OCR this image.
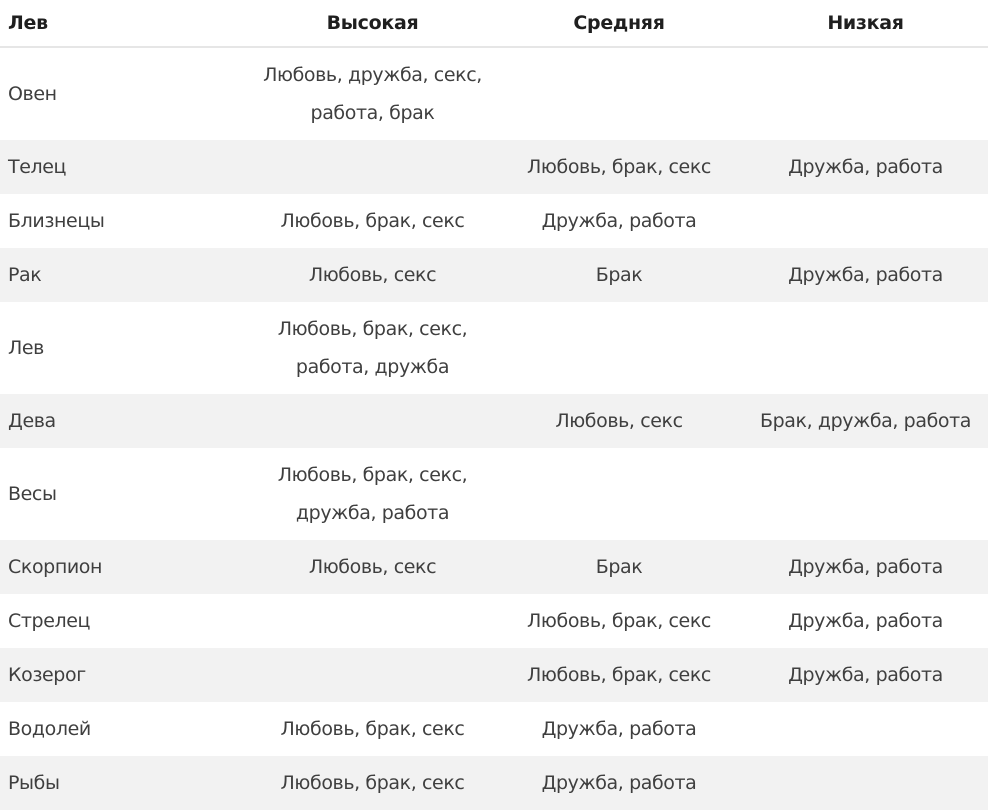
Лев	Высокая	Средняя	Низкая
Овен	Любовь, дружба, секс,
работа, брак		
Телец		Любовь, брак, секс	Дружба, работа
Близнецы	Любовь, брак, секс	Дружба, работа	
Рак	Любовь, секс	Брак	Дружба, работа
Лев	Любовь, брак, секс,
работа, дружба		
Дева		Любовь, секс	Брак, дружба, работа
Весы	Любовь, брак, секс,
дружба, работа		
Скорпион	Любовь, секс	Брак	Дружба, работа
Стрелец		Любовь, брак, секс	Дружба, работа
Козерог		Любовь, брак, секс	Дружба, работа
Водолей	Любовь, брак, секс	Дружба, работа	
Рыбы	Любовь, брак, секс	Дружба, работа	
